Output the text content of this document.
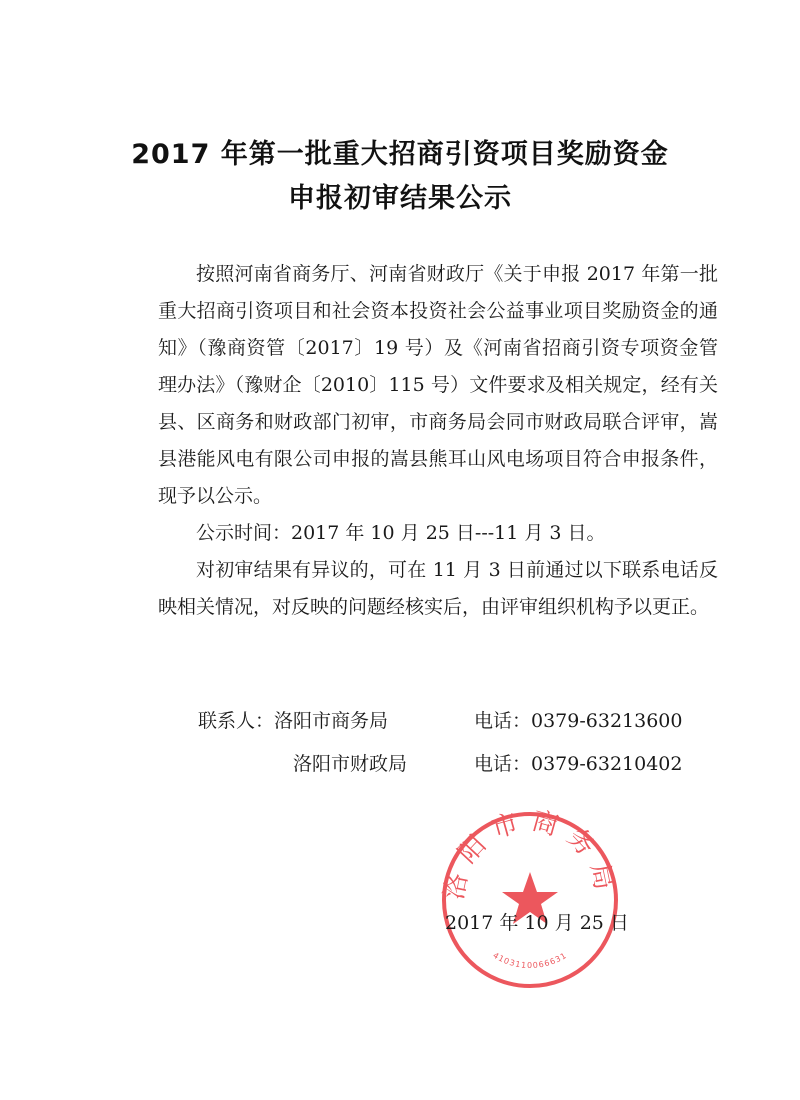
2017 年第一批重大招商引资项目奖励资金
申报初审结果公示

按照河南省商务厅、河南省财政厅《关于申报 2017 年第一批重大招商引资项目和社会资本投资社会公益事业项目奖励资金的通知》（豫商资管〔2017〕19 号）及《河南省招商引资专项资金管理办法》（豫财企〔2010〕115 号）文件要求及相关规定，经有关县、区商务和财政部门初审，市商务局会同市财政局联合评审，嵩县港能风电有限公司申报的嵩县熊耳山风电场项目符合申报条件，现予以公示。

公示时间：2017 年 10 月 25 日---11 月 3 日。

对初审结果有异议的，可在 11 月 3 日前通过以下联系电话反映相关情况，对反映的问题经核实后，由评审组织机构予以更正。

联系人：洛阳市商务局	电话：0379-63213600
洛阳市财政局	电话：0379-63210402
洛阳市商务局
4103110066631
2017 年 10 月 25 日
